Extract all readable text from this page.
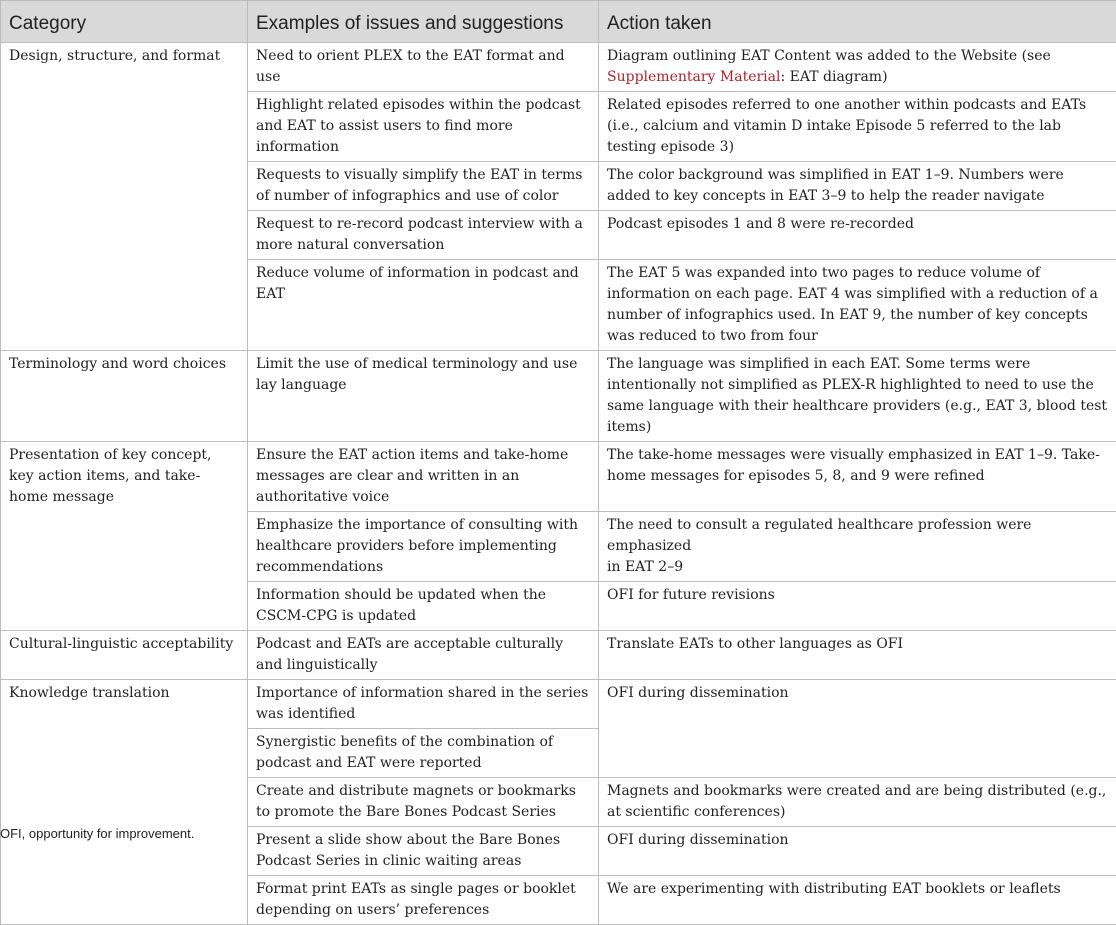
Category	Examples of issues and suggestions	Action taken
Design, structure, and format	Need to orient PLEX to the EAT format and use	Diagram outlining EAT Content was added to the Website (see Supplementary Material: EAT diagram)
	Highlight related episodes within the podcast and EAT to assist users to find more information	Related episodes referred to one another within podcasts and EATs (i.e., calcium and vitamin D intake Episode 5 referred to the lab testing episode 3)
	Requests to visually simplify the EAT in terms of number of infographics and use of color	The color background was simplified in EAT 1–9. Numbers were added to key concepts in EAT 3–9 to help the reader navigate
	Request to re-record podcast interview with a more natural conversation	Podcast episodes 1 and 8 were re-recorded
	Reduce volume of information in podcast and EAT	The EAT 5 was expanded into two pages to reduce volume of information on each page. EAT 4 was simplified with a reduction of a number of infographics used. In EAT 9, the number of key concepts was reduced to two from four
Terminology and word choices	Limit the use of medical terminology and use lay language	The language was simplified in each EAT. Some terms were intentionally not simplified as PLEX-R highlighted to need to use the same language with their healthcare providers (e.g., EAT 3, blood test items)
Presentation of key concept, key action items, and take-home message	Ensure the EAT action items and take-home messages are clear and written in an authoritative voice	The take-home messages were visually emphasized in EAT 1–9. Take-home messages for episodes 5, 8, and 9 were refined
	Emphasize the importance of consulting with healthcare providers before implementing recommendations	The need to consult a regulated healthcare profession were emphasized
in EAT 2–9
	Information should be updated when the CSCM-CPG is updated	OFI for future revisions
Cultural-linguistic acceptability	Podcast and EATs are acceptable culturally and linguistically	Translate EATs to other languages as OFI
Knowledge translation	Importance of information shared in the series was identified	OFI during dissemination
	Synergistic benefits of the combination of podcast and EAT were reported	
	Create and distribute magnets or bookmarks to promote the Bare Bones Podcast Series	Magnets and bookmarks were created and are being distributed (e.g., at scientific conferences)
	Present a slide show about the Bare Bones Podcast Series in clinic waiting areas	OFI during dissemination
	Format print EATs as single pages or booklet depending on users’ preferences	We are experimenting with distributing EAT booklets or leaflets
OFI, opportunity for improvement.
